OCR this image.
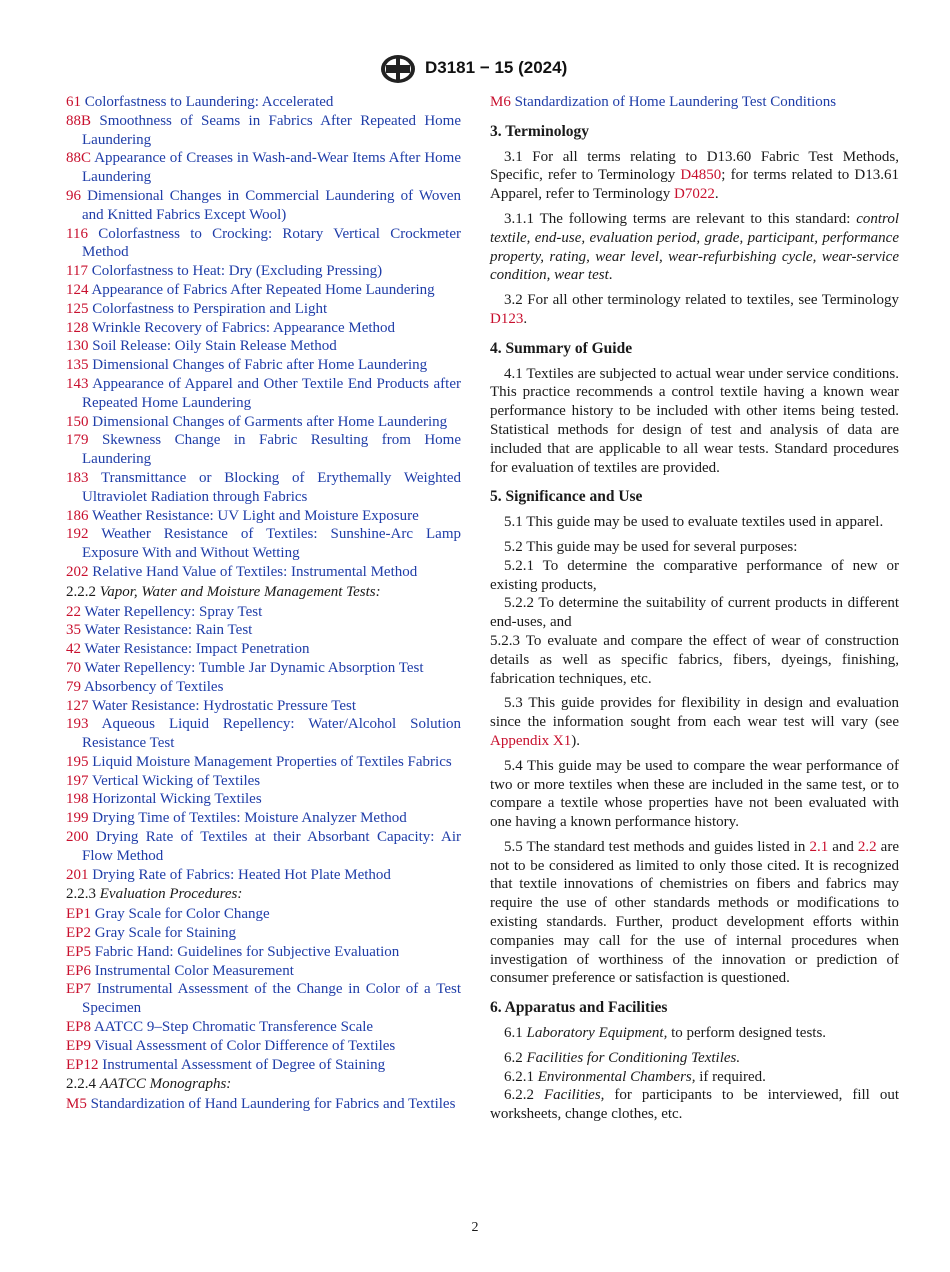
D3181 − 15 (2024)
61 Colorfastness to Laundering: Accelerated
88B Smoothness of Seams in Fabrics After Repeated Home Laundering
88C Appearance of Creases in Wash-and-Wear Items After Home Laundering
96 Dimensional Changes in Commercial Laundering of Woven and Knitted Fabrics Except Wool)
116 Colorfastness to Crocking: Rotary Vertical Crockmeter Method
117 Colorfastness to Heat: Dry (Excluding Pressing)
124 Appearance of Fabrics After Repeated Home Laundering
125 Colorfastness to Perspiration and Light
128 Wrinkle Recovery of Fabrics: Appearance Method
130 Soil Release: Oily Stain Release Method
135 Dimensional Changes of Fabric after Home Laundering
143 Appearance of Apparel and Other Textile End Products after Repeated Home Laundering
150 Dimensional Changes of Garments after Home Laundering
179 Skewness Change in Fabric Resulting from Home Laundering
183 Transmittance or Blocking of Erythemally Weighted Ultraviolet Radiation through Fabrics
186 Weather Resistance: UV Light and Moisture Exposure
192 Weather Resistance of Textiles: Sunshine-Arc Lamp Exposure With and Without Wetting
202 Relative Hand Value of Textiles: Instrumental Method
2.2.2 Vapor, Water and Moisture Management Tests:
22 Water Repellency: Spray Test
35 Water Resistance: Rain Test
42 Water Resistance: Impact Penetration
70 Water Repellency: Tumble Jar Dynamic Absorption Test
79 Absorbency of Textiles
127 Water Resistance: Hydrostatic Pressure Test
193 Aqueous Liquid Repellency: Water/Alcohol Solution Resistance Test
195 Liquid Moisture Management Properties of Textiles Fabrics
197 Vertical Wicking of Textiles
198 Horizontal Wicking Textiles
199 Drying Time of Textiles: Moisture Analyzer Method
200 Drying Rate of Textiles at their Absorbant Capacity: Air Flow Method
201 Drying Rate of Fabrics: Heated Hot Plate Method
2.2.3 Evaluation Procedures:
EP1 Gray Scale for Color Change
EP2 Gray Scale for Staining
EP5 Fabric Hand: Guidelines for Subjective Evaluation
EP6 Instrumental Color Measurement
EP7 Instrumental Assessment of the Change in Color of a Test Specimen
EP8 AATCC 9–Step Chromatic Transference Scale
EP9 Visual Assessment of Color Difference of Textiles
EP12 Instrumental Assessment of Degree of Staining
2.2.4 AATCC Monographs:
M5 Standardization of Hand Laundering for Fabrics and Textiles
M6 Standardization of Home Laundering Test Conditions
3. Terminology
3.1 For all terms relating to D13.60 Fabric Test Methods, Specific, refer to Terminology D4850; for terms related to D13.61 Apparel, refer to Terminology D7022.
3.1.1 The following terms are relevant to this standard: control textile, end-use, evaluation period, grade, participant, performance property, rating, wear level, wear-refurbishing cycle, wear-service condition, wear test.
3.2 For all other terminology related to textiles, see Terminology D123.
4. Summary of Guide
4.1 Textiles are subjected to actual wear under service conditions. This practice recommends a control textile having a known wear performance history to be included with other items being tested. Statistical methods for design of test and analysis of data are included that are applicable to all wear tests. Standard procedures for evaluation of textiles are provided.
5. Significance and Use
5.1 This guide may be used to evaluate textiles used in apparel.
5.2 This guide may be used for several purposes:
5.2.1 To determine the comparative performance of new or existing products,
5.2.2 To determine the suitability of current products in different end-uses, and
5.2.3 To evaluate and compare the effect of wear of construction details as well as specific fabrics, fibers, dyeings, finishing, fabrication techniques, etc.
5.3 This guide provides for flexibility in design and evaluation since the information sought from each wear test will vary (see Appendix X1).
5.4 This guide may be used to compare the wear performance of two or more textiles when these are included in the same test, or to compare a textile whose properties have not been evaluated with one having a known performance history.
5.5 The standard test methods and guides listed in 2.1 and 2.2 are not to be considered as limited to only those cited. It is recognized that textile innovations of chemistries on fibers and fabrics may require the use of other standards methods or modifications to existing standards. Further, product development efforts within companies may call for the use of internal procedures when investigation of worthiness of the innovation or prediction of consumer preference or satisfaction is questioned.
6. Apparatus and Facilities
6.1 Laboratory Equipment, to perform designed tests.
6.2 Facilities for Conditioning Textiles.
6.2.1 Environmental Chambers, if required.
6.2.2 Facilities, for participants to be interviewed, fill out worksheets, change clothes, etc.
2
